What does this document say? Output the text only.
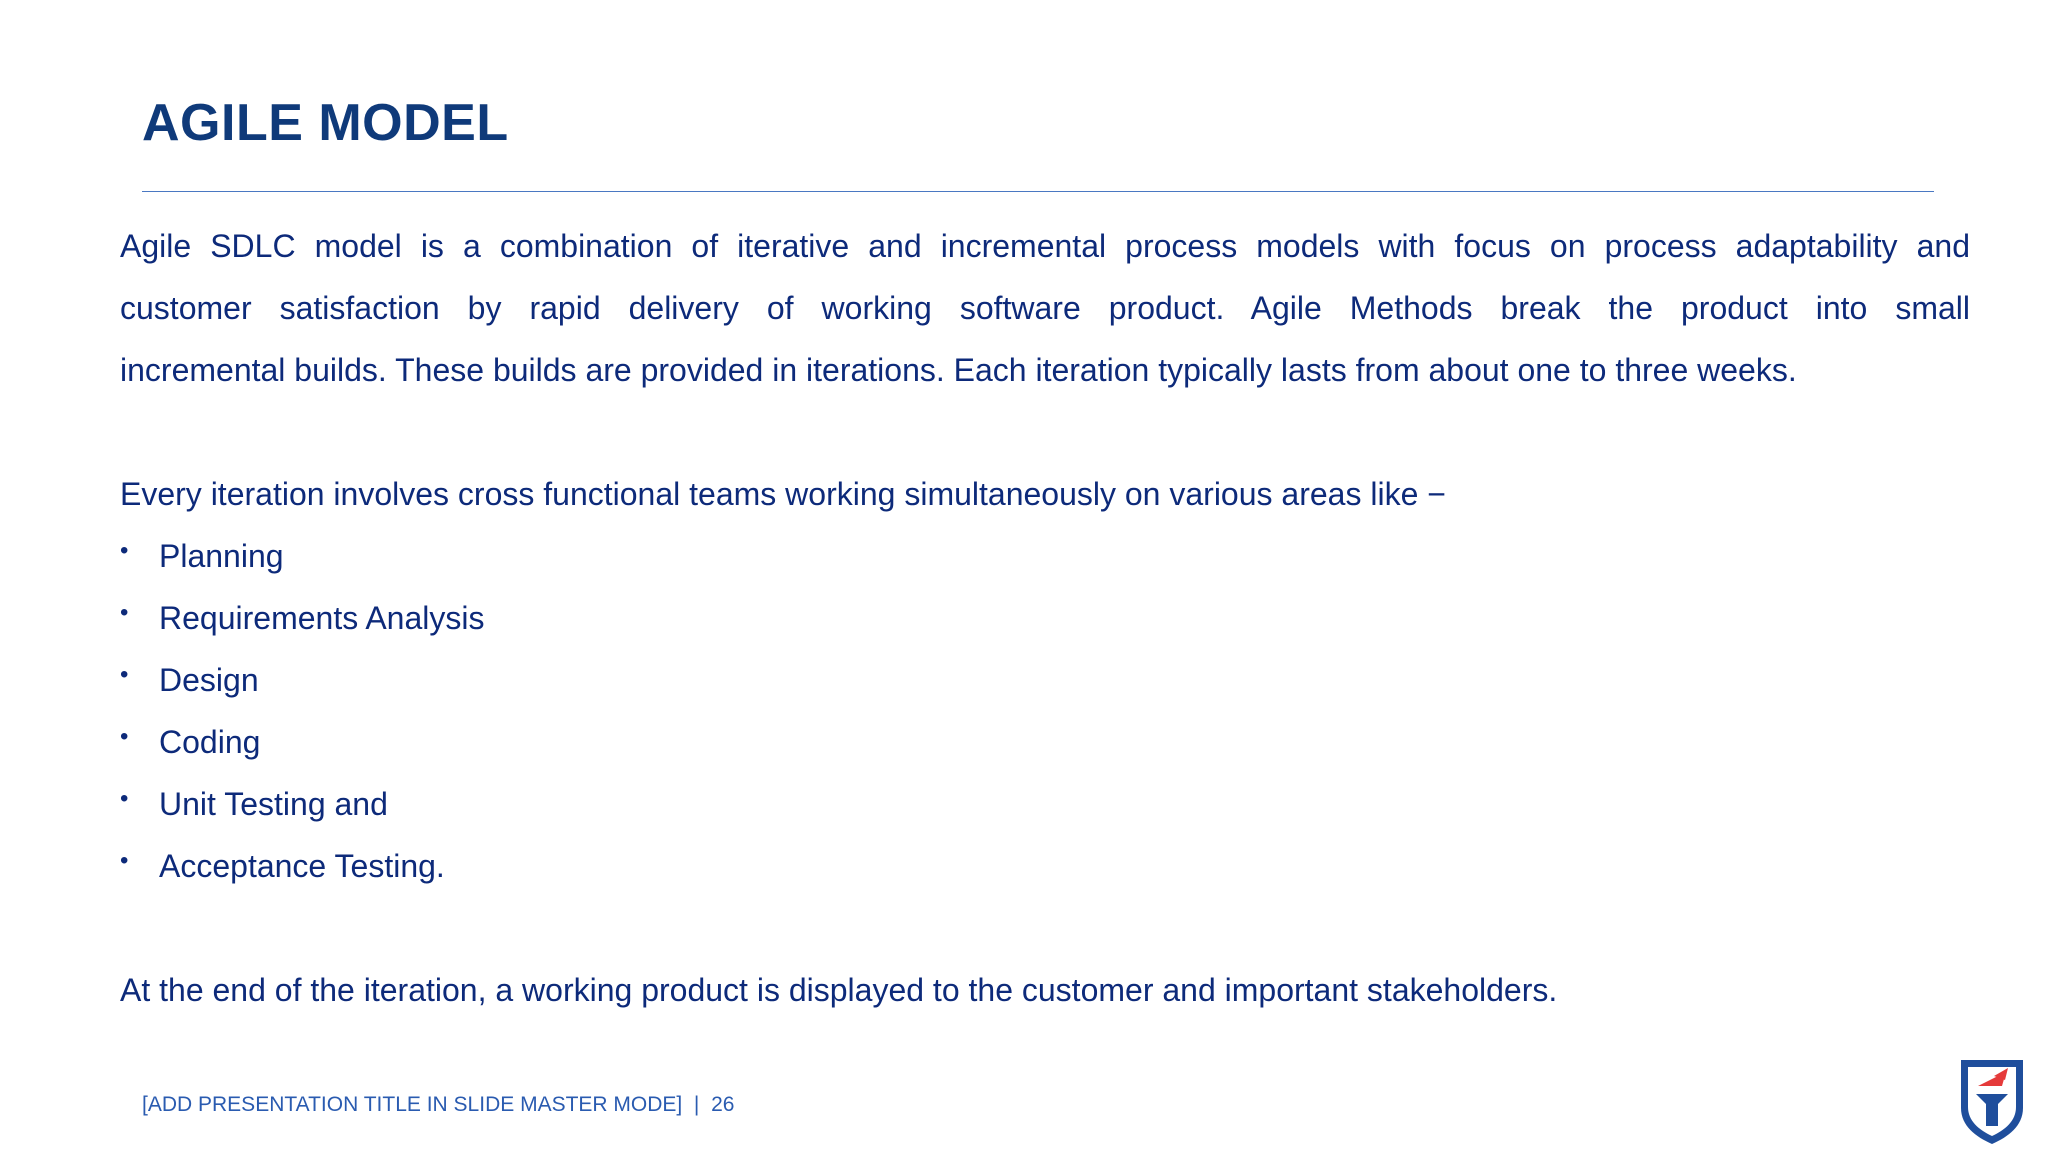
AGILE MODEL
Agile SDLC model is a combination of iterative and incremental process models with focus on process adaptability and
customer satisfaction by rapid delivery of working software product. Agile Methods break the product into small
incremental builds. These builds are provided in iterations. Each iteration typically lasts from about one to three weeks.
Every iteration involves cross functional teams working simultaneously on various areas like −
• Planning
• Requirements Analysis
• Design
• Coding
• Unit Testing and
• Acceptance Testing.
At the end of the iteration, a working product is displayed to the customer and important stakeholders.
[ADD PRESENTATION TITLE IN SLIDE MASTER MODE] | 26
